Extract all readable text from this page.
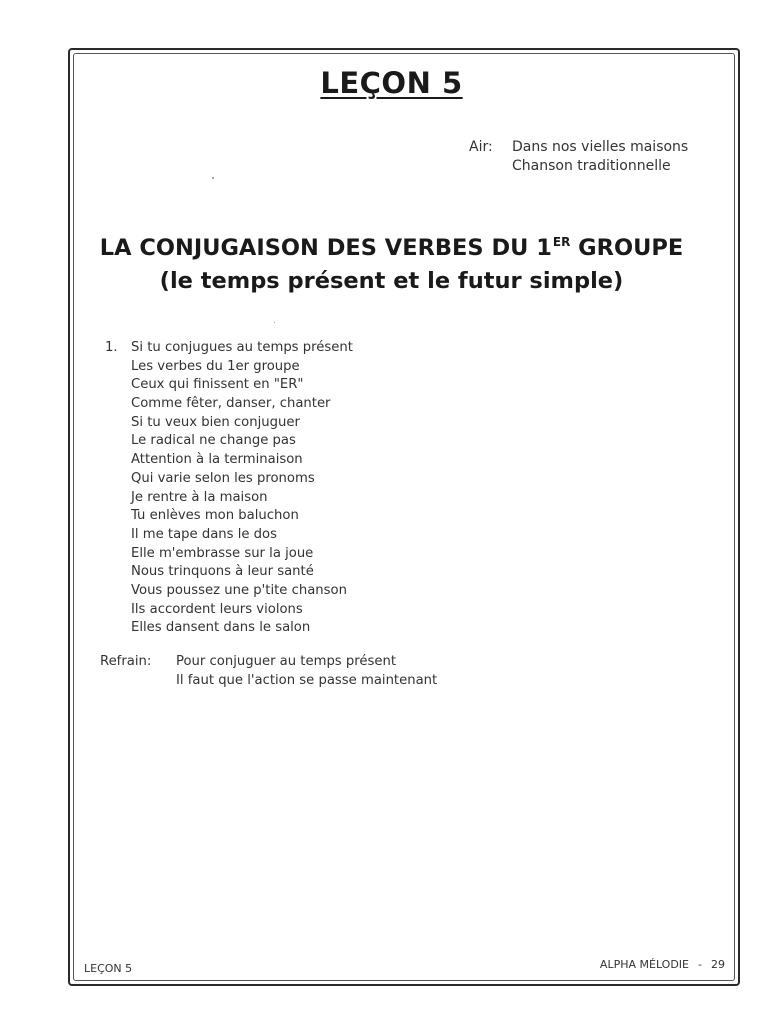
LEÇON 5
Air: Dans nos vielles maisons
Chanson traditionnelle
LA CONJUGAISON DES VERBES DU 1ER GROUPE
(le temps présent et le futur simple)
1. Si tu conjugues au temps présent
Les verbes du 1er groupe
Ceux qui finissent en "ER"
Comme fêter, danser, chanter
Si tu veux bien conjuguer
Le radical ne change pas
Attention à la terminaison
Qui varie selon les pronoms
Je rentre à la maison
Tu enlèves mon baluchon
Il me tape dans le dos
Elle m'embrasse sur la joue
Nous trinquons à leur santé
Vous poussez une p'tite chanson
Ils accordent leurs violons
Elles dansent dans le salon
Refrain: Pour conjuguer au temps présent
Il faut que l'action se passe maintenant
LEÇON 5	ALPHA MÉLODIE - 29
